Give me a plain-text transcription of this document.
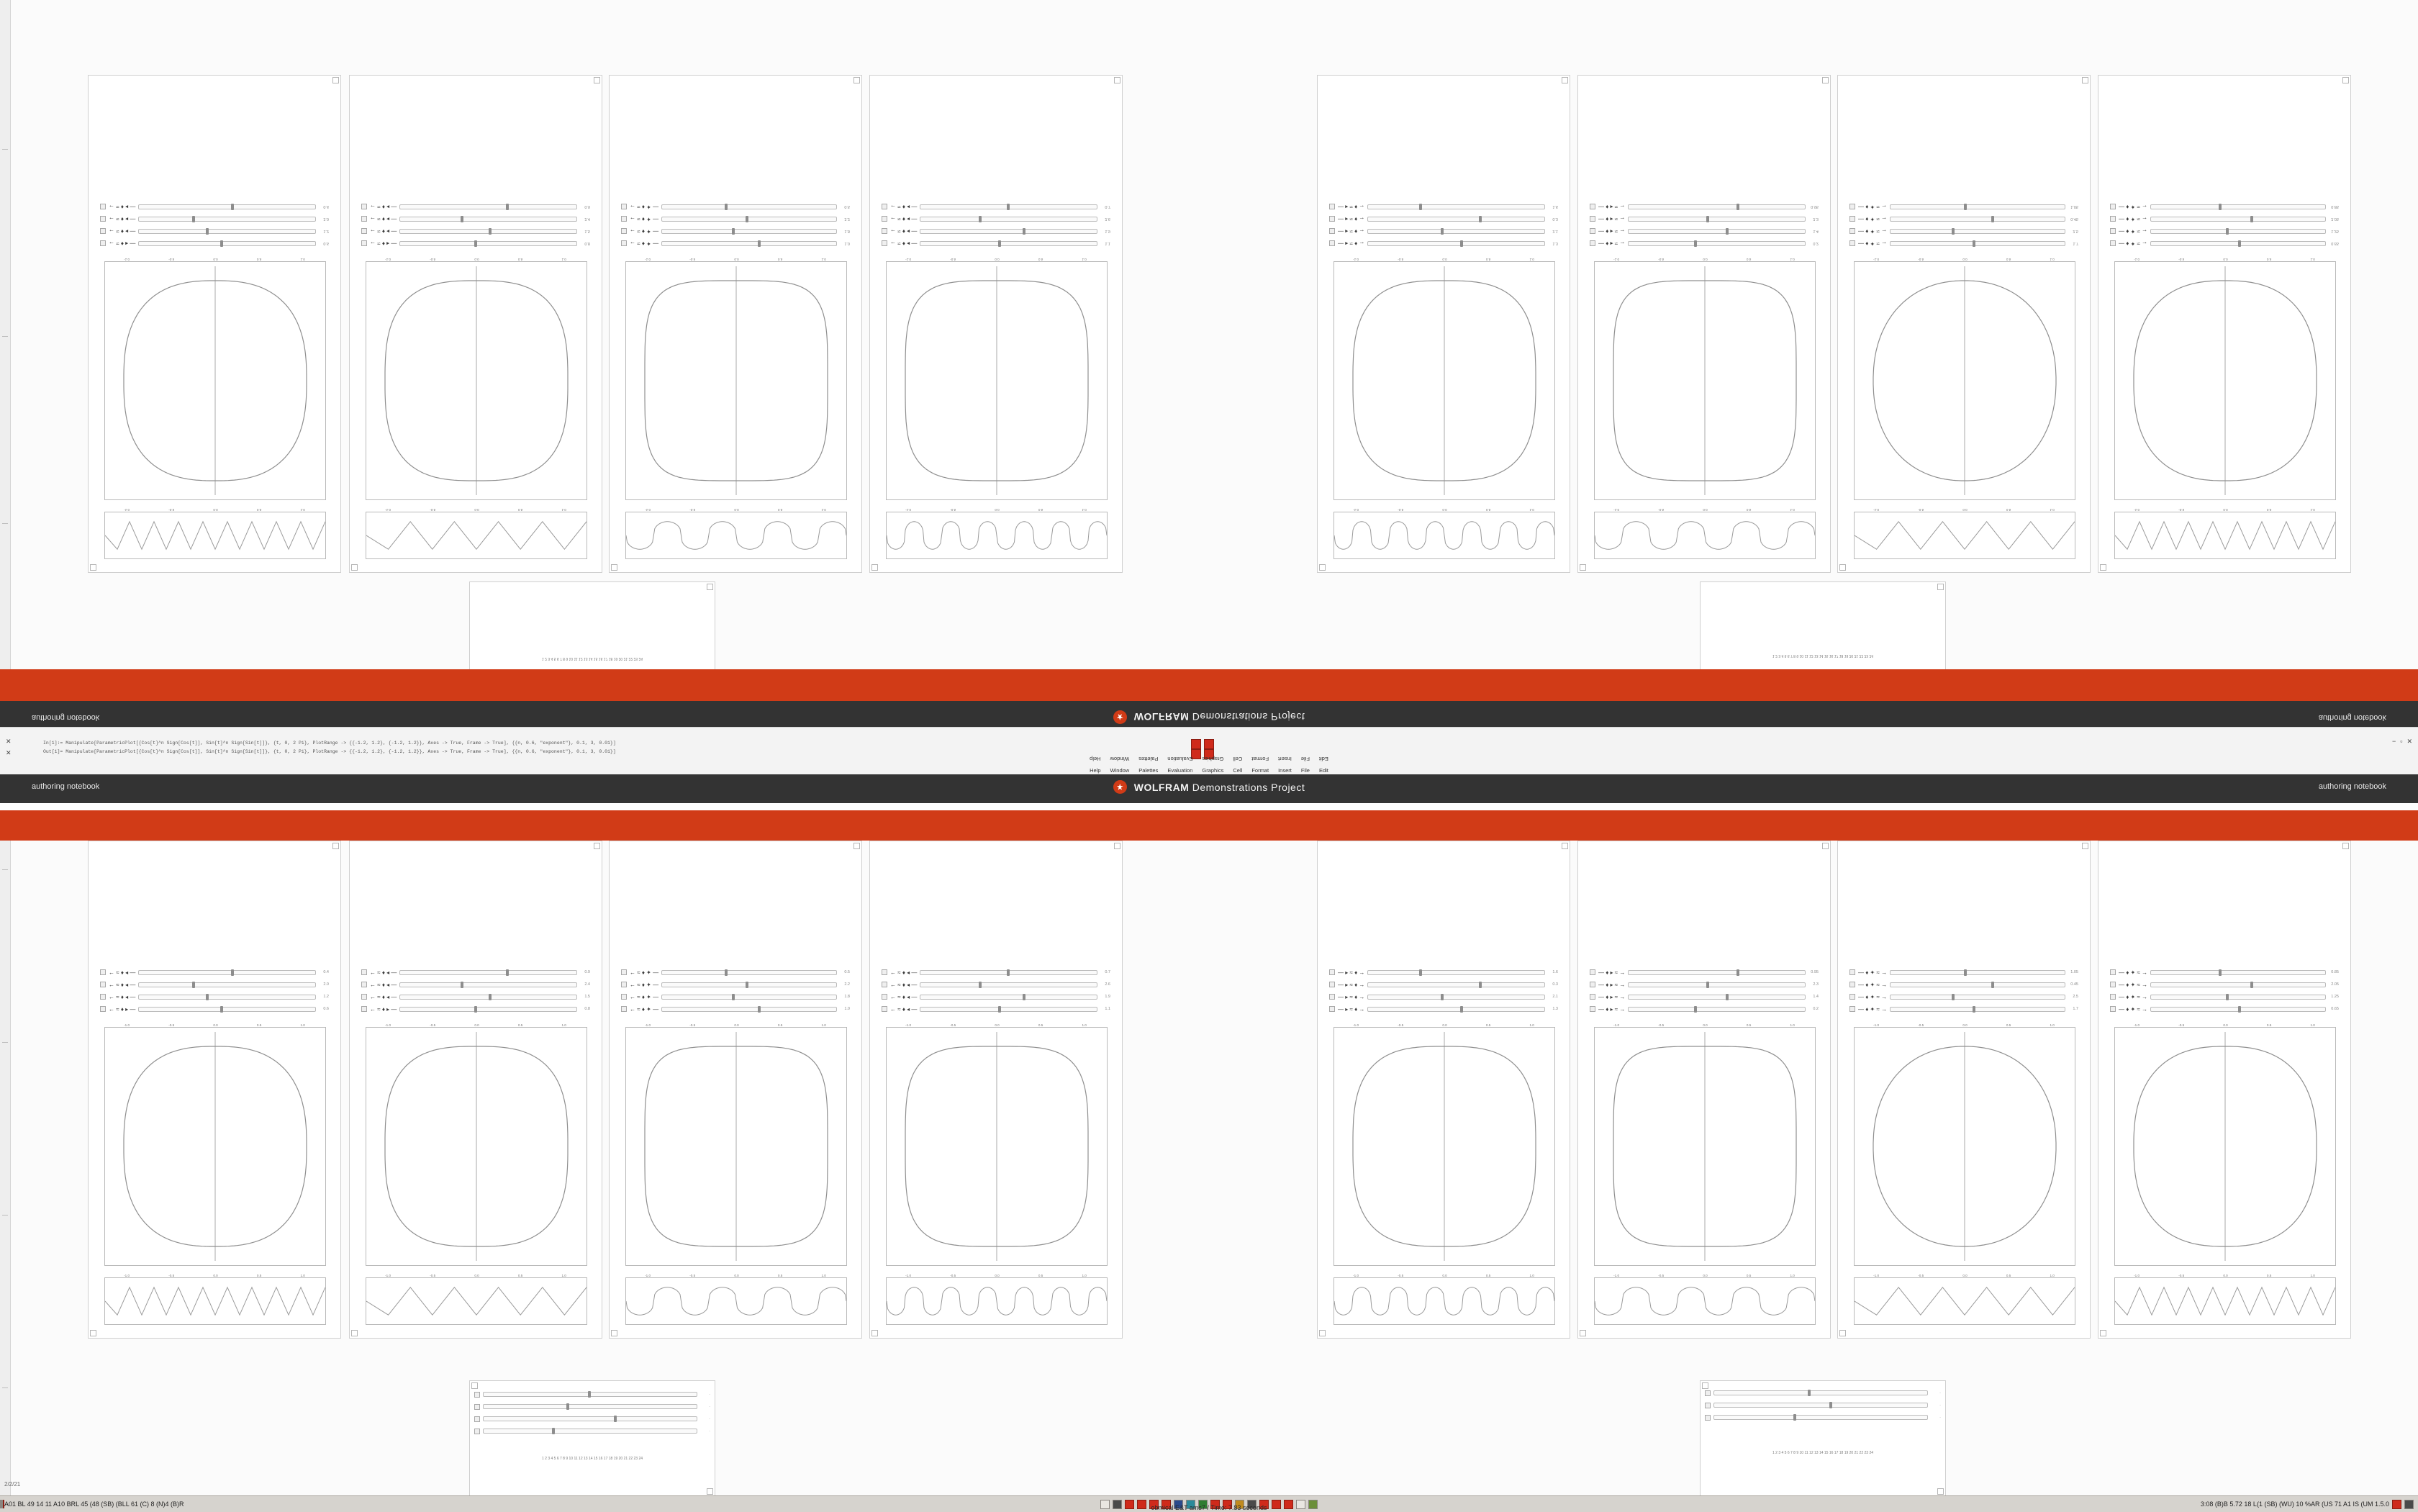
1 2 3 4 5 6 7 8 9 10 11 12 13 14 15 16 17 18 19 20 21 22 23 24
1 2 3 4 5 6 7 8 9 10 11 12 13 14 15 16 17 18 19 20 21 22 23 24
-1.0	-0.5	0.0	0.5	1.0
-1.0	-0.5	0.0	0.5	1.0
← ≈ ♦ ▸ —	0.6
← ≈ ♦ ◂ —	1.2
← ≈ ♦ ◂ —	2.0
← ≈ ♦ ◂ —	0.4
-1.0	-0.5	0.0	0.5	1.0
-1.0	-0.5	0.0	0.5	1.0
← ≈ ♦ ▸ —	0.8
← ≈ ♦ ◂ —	1.5
← ≈ ♦ ◂ —	2.4
← ≈ ♦ ◂ —	0.9
-1.0	-0.5	0.0	0.5	1.0
-1.0	-0.5	0.0	0.5	1.0
← ≈ ♦ ✦ —	1.0
← ≈ ♦ ✦ —	1.8
← ≈ ♦ ✦ —	2.2
← ≈ ♦ ✦ —	0.5
-1.0	-0.5	0.0	0.5	1.0
-1.0	-0.5	0.0	0.5	1.0
← ≈ ♦ ◂ —	1.1
← ≈ ♦ ◂ —	1.9
← ≈ ♦ ◂ —	2.6
← ≈ ♦ ◂ —	0.7
-1.0	-0.5	0.0	0.5	1.0
-1.0	-0.5	0.0	0.5	1.0
— ▸ ≈ ♦ →	1.3
— ▸ ≈ ♦ →	2.1
— ▸ ≈ ♦ →	0.3
— ▸ ≈ ♦ →	1.6
-1.0	-0.5	0.0	0.5	1.0
-1.0	-0.5	0.0	0.5	1.0
— ♦ ▸ ≈ →	0.2
— ♦ ▸ ≈ →	1.4
— ♦ ▸ ≈ →	2.3
— ♦ ▸ ≈ →	0.95
-1.0	-0.5	0.0	0.5	1.0
-1.0	-0.5	0.0	0.5	1.0
— ♦ ✦ ≈ →	1.7
— ♦ ✦ ≈ →	2.5
— ♦ ✦ ≈ →	0.45
— ♦ ✦ ≈ →	1.05
-1.0	-0.5	0.0	0.5	1.0
-1.0	-0.5	0.0	0.5	1.0
— ♦ ✦ ≈ →	0.65
— ♦ ✦ ≈ →	1.25
— ♦ ✦ ≈ →	2.05
— ♦ ✦ ≈ →	0.85
authoring notebook	WOLFRAM Demonstrations Project	authoring notebook
✕
✕
− ▫ ✕
In[1]:= Manipulate[ParametricPlot[{Cos[t]^n Sign[Cos[t]], Sin[t]^n Sign[Sin[t]]}, {t, 0, 2 Pi}, PlotRange -> {{-1.2, 1.2}, {-1.2, 1.2}}, Axes -> True, Frame -> True], {{n, 0.6, "exponent"}, 0.1, 3, 0.01}]
Out[1]= Manipulate[ParametricPlot[{Cos[t]^n Sign[Cos[t]], Sin[t]^n Sign[Sin[t]]}, {t, 0, 2 Pi}, PlotRange -> {{-1.2, 1.2}, {-1.2, 1.2}}, Axes -> True, Frame -> True], {{n, 0.6, "exponent"}, 0.1, 3, 0.01}]
Edit
File
Insert
Format
Cell
Graphics
Evaluation
Palettes
Window
Help
Help Window Palettes Evaluation Graphics Cell Format Insert File Edit
authoring notebook	WOLFRAM Demonstrations Project	authoring notebook
-1.0	-0.5	0.0	0.5	1.0
-1.0	-0.5	0.0	0.5	1.0
← ≈ ♦ ▸ —	0.6
← ≈ ♦ ◂ —	1.2
← ≈ ♦ ◂ —	2.0
← ≈ ♦ ◂ —	0.4
-1.0	-0.5	0.0	0.5	1.0
-1.0	-0.5	0.0	0.5	1.0
← ≈ ♦ ▸ —	0.8
← ≈ ♦ ◂ —	1.5
← ≈ ♦ ◂ —	2.4
← ≈ ♦ ◂ —	0.9
-1.0	-0.5	0.0	0.5	1.0
-1.0	-0.5	0.0	0.5	1.0
← ≈ ♦ ✦ —	1.0
← ≈ ♦ ✦ —	1.8
← ≈ ♦ ✦ —	2.2
← ≈ ♦ ✦ —	0.5
-1.0	-0.5	0.0	0.5	1.0
-1.0	-0.5	0.0	0.5	1.0
← ≈ ♦ ◂ —	1.1
← ≈ ♦ ◂ —	1.9
← ≈ ♦ ◂ —	2.6
← ≈ ♦ ◂ —	0.7
-1.0	-0.5	0.0	0.5	1.0
-1.0	-0.5	0.0	0.5	1.0
— ▸ ≈ ♦ →	1.3
— ▸ ≈ ♦ →	2.1
— ▸ ≈ ♦ →	0.3
— ▸ ≈ ♦ →	1.6
-1.0	-0.5	0.0	0.5	1.0
-1.0	-0.5	0.0	0.5	1.0
— ♦ ▸ ≈ →	0.2
— ♦ ▸ ≈ →	1.4
— ♦ ▸ ≈ →	2.3
— ♦ ▸ ≈ →	0.95
-1.0	-0.5	0.0	0.5	1.0
-1.0	-0.5	0.0	0.5	1.0
— ♦ ✦ ≈ →	1.7
— ♦ ✦ ≈ →	2.5
— ♦ ✦ ≈ →	0.45
— ♦ ✦ ≈ →	1.05
-1.0	-0.5	0.0	0.5	1.0
-1.0	-0.5	0.0	0.5	1.0
— ♦ ✦ ≈ →	0.65
— ♦ ✦ ≈ →	1.25
— ♦ ✦ ≈ →	2.05
— ♦ ✦ ≈ →	0.85
·
·
·
·
1 2 3 4 5 6 7 8 9 10 11 12 13 14 15 16 17 18 19 20 21 22 23 24
·
·
·
1 2 3 4 5 6 7 8 9 10 11 12 13 14 15 16 17 18 19 20 21 22 23 24
2/2/21
A01 BL 49 14 11 A10 BRL 45 (48 (SB) (BLL 61 (C) 8 (N)4 (B)R	3:08 (B)B 5.72 18 L(1 (SB) (WU) 10 %AR (US 71 A1 IS (UM 1.5.0
obmical E&T ams7 / Time: 7.83 seconds
